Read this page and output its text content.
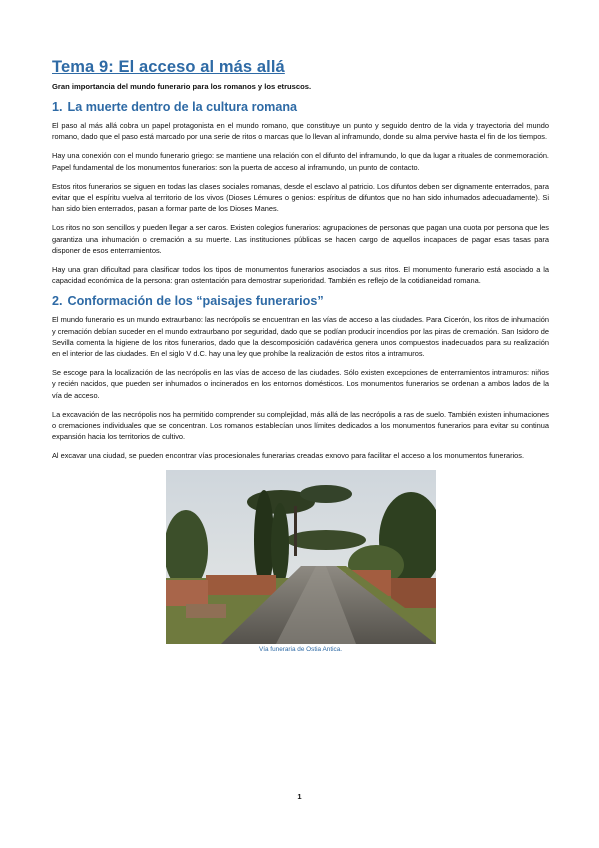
Tema 9: El acceso al más allá
Gran importancia del mundo funerario para los romanos y los etruscos.
1. La muerte dentro de la cultura romana

El paso al más allá cobra un papel protagonista en el mundo romano, que constituye un punto y seguido dentro de la vida y trayectoria del mundo romano, dado que el paso está marcado por una serie de ritos o marcas que lo llevan al inframundo, donde su alma pervive hasta el fin de los tiempos.

Hay una conexión con el mundo funerario griego: se mantiene una relación con el difunto del inframundo, lo que da lugar a rituales de conmemoración. Papel fundamental de los monumentos funerarios: son la puerta de acceso al inframundo, un punto de contacto.

Estos ritos funerarios se siguen en todas las clases sociales romanas, desde el esclavo al patricio. Los difuntos deben ser dignamente enterrados, para evitar que el espíritu vuelva al territorio de los vivos (Dioses Lémures o genios: espíritus de difuntos que no han sido inhumados adecuadamente). Si han sido bien enterrados, pasan a formar parte de los Dioses Manes.

Los ritos no son sencillos y pueden llegar a ser caros. Existen colegios funerarios: agrupaciones de personas que pagan una cuota por persona que les garantiza una inhumación o cremación a su muerte. Las instituciones públicas se hacen cargo de aquellos incapaces de pagar esas tasas para disponer de esos enterramientos.

Hay una gran dificultad para clasificar todos los tipos de monumentos funerarios asociados a sus ritos. El monumento funerario está asociado a la capacidad económica de la persona: gran ostentación para demostrar superioridad. También es reflejo de la cotidianeidad romana.

2. Conformación de los “paisajes funerarios”

El mundo funerario es un mundo extraurbano: las necrópolis se encuentran en las vías de acceso a las ciudades. Para Cicerón, los ritos de inhumación y cremación debían suceder en el mundo extraurbano por seguridad, dado que se podían producir incendios por las piras de cremación. San Isidoro de Sevilla comenta la higiene de los ritos funerarios, dado que la descomposición cadavérica genera unos compuestos inadecuados para su realización en el interior de las ciudades. En el siglo V d.C. hay una ley que prohíbe la realización de estos ritos a intramuros.

Se escoge para la localización de las necrópolis en las vías de acceso de las ciudades. Sólo existen excepciones de enterramientos intramuros: niños y recién nacidos, que pueden ser inhumados o incinerados en los entornos domésticos. Los monumentos funerarios se ordenan a ambos lados de la vía de acceso.

La excavación de las necrópolis nos ha permitido comprender su complejidad, más allá de las necrópolis a ras de suelo. También existen inhumaciones o cremaciones individuales que se concentran. Los romanos establecían unos límites dedicados a los monumentos funerarios para evitar su continua expansión hacia los territorios de cultivo.

Al excavar una ciudad, se pueden encontrar vías procesionales funerarias creadas exnovo para facilitar el acceso a los monumentos funerarios.

Vía funeraria de Ostia Antica.
1
